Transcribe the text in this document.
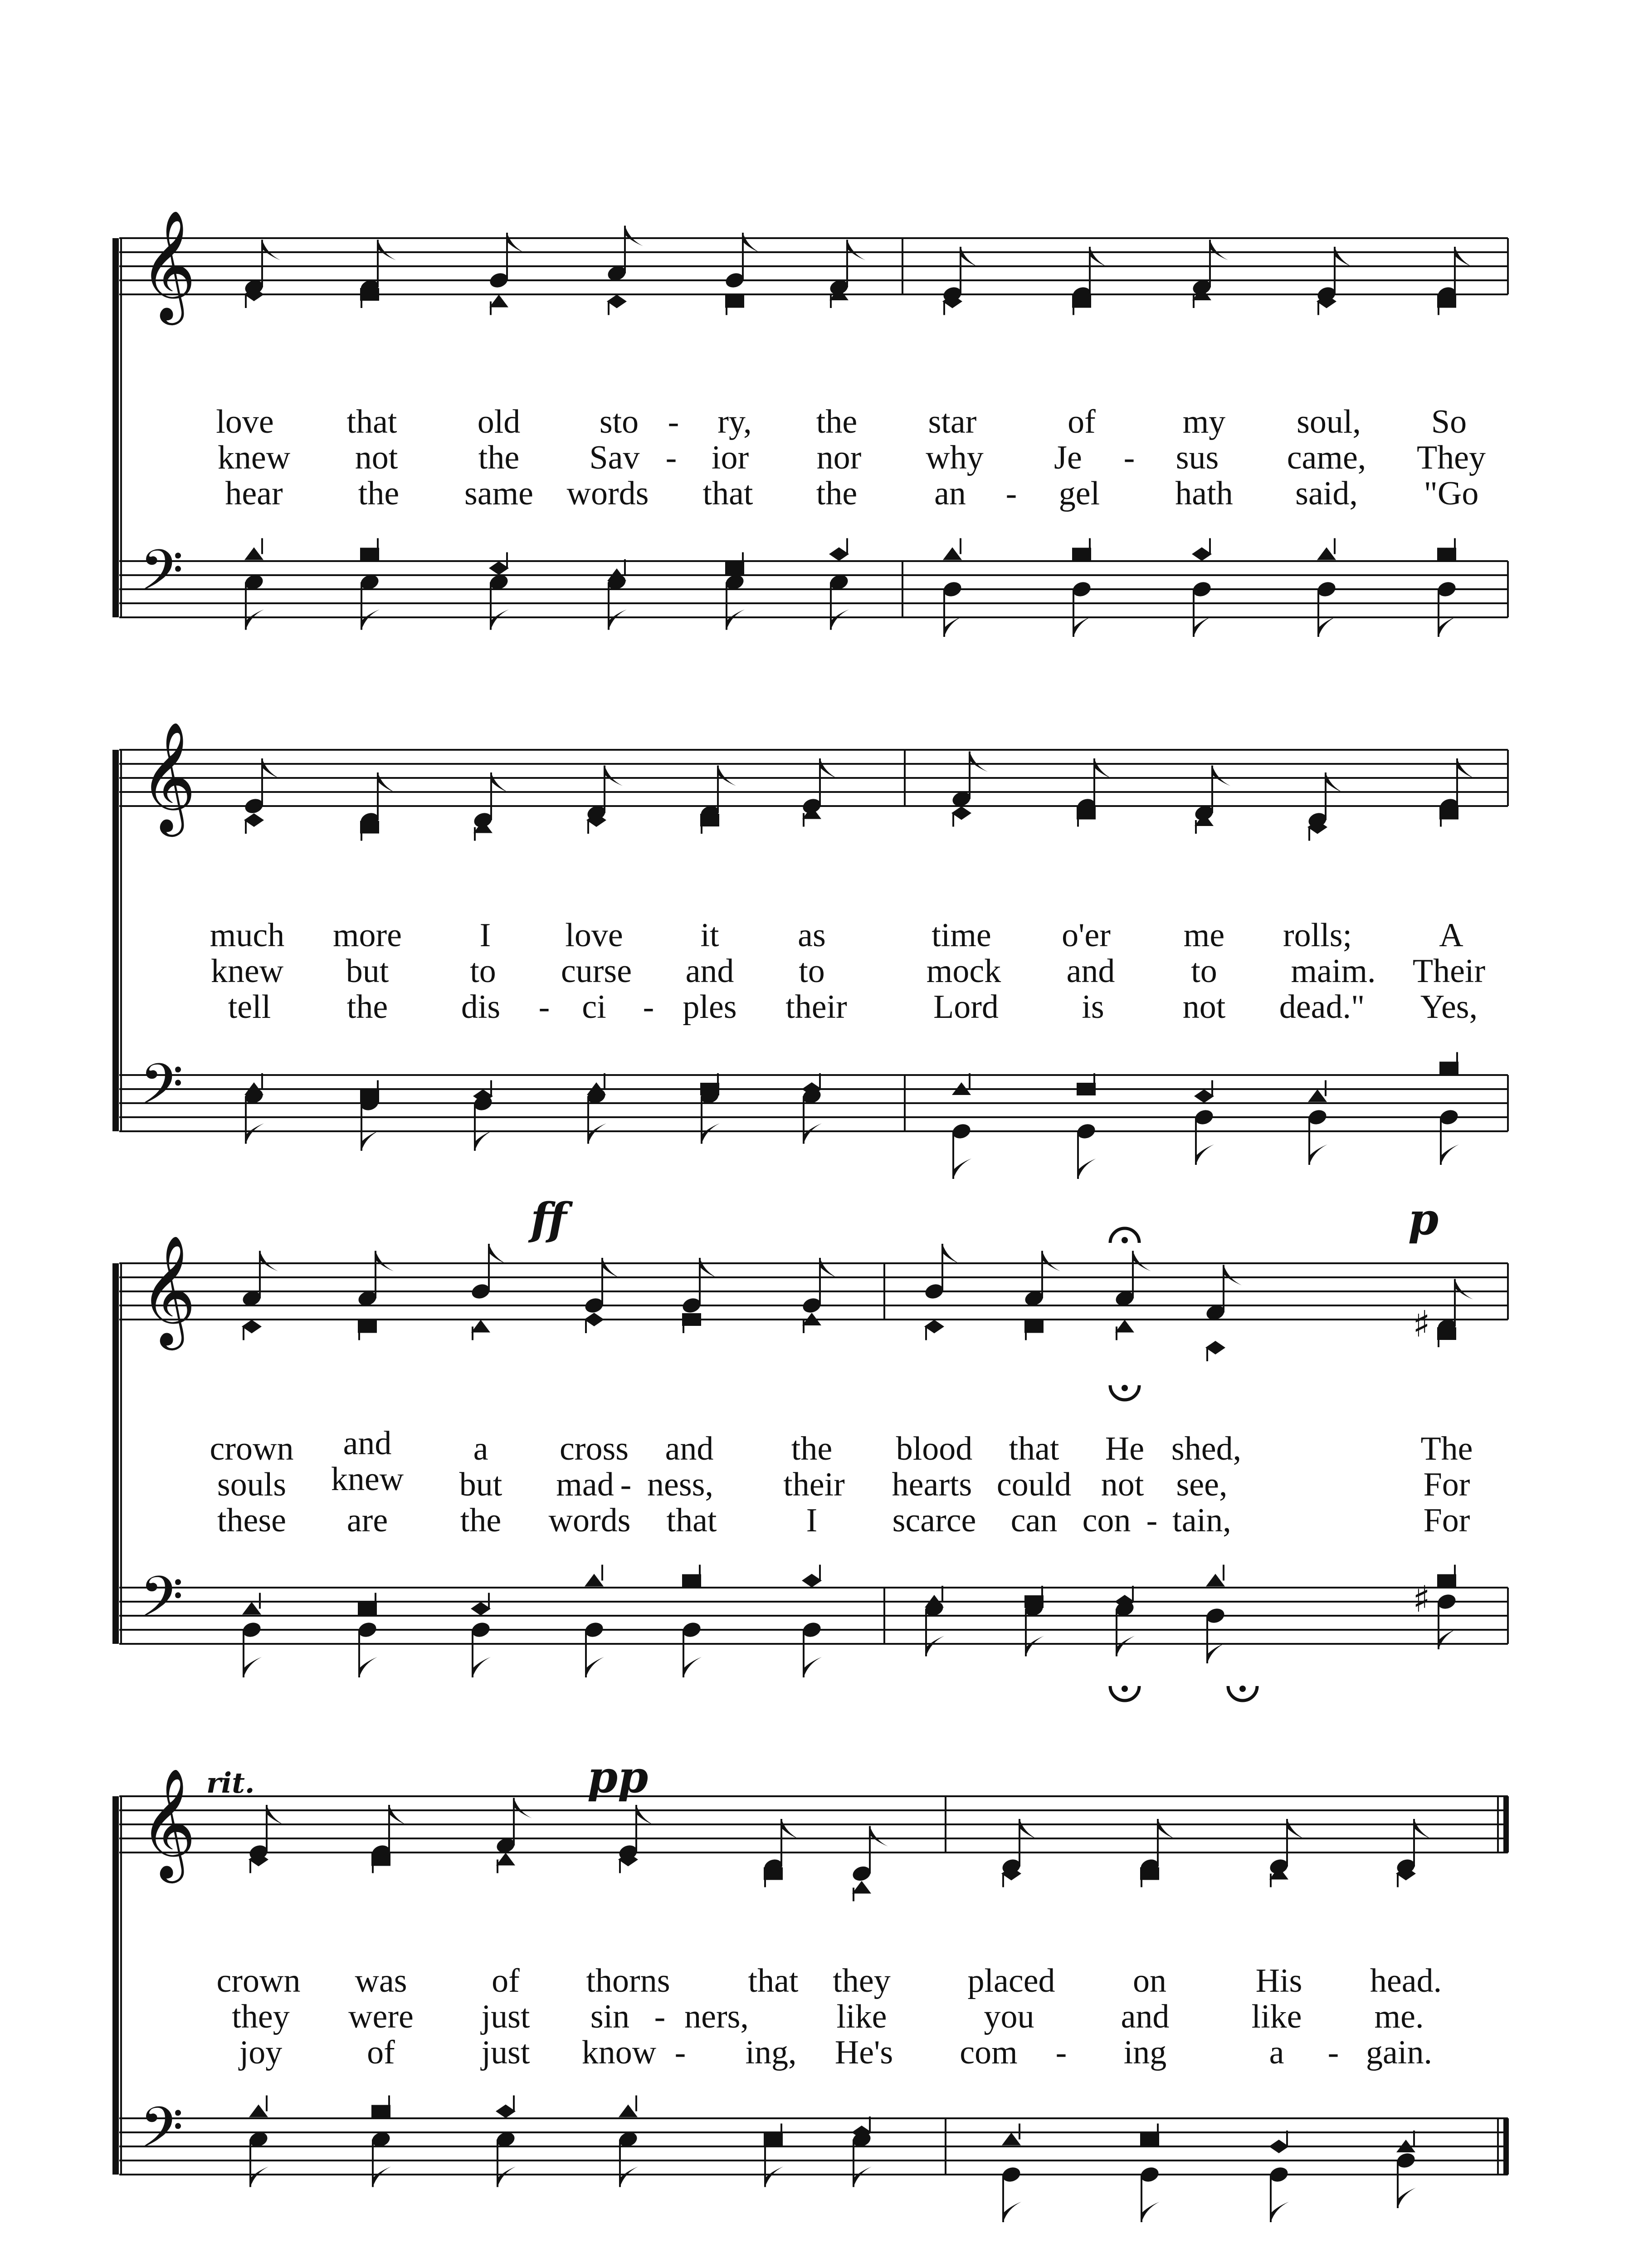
𝄞
𝄢
𝄞
𝄢
𝄞
𝄢
𝄞
𝄢
♯
♯
love that old sto - ry, the star	of	my soul, So
knew not the Sav - ior nor why Je - sus came, They
hear the same words that the an - gel hath said, "Go
much more I love it as	time o'er me rolls;	A
knew but to curse and to	mock and to maim. Their
tell the dis - ci - ples their	Lord is not dead." Yes,
crown and a cross and the blood that He shed,	The
souls knew but mad - ness, their hearts could not see,	For
these are the words that	I scarce can con - tain,	For
crown was	of thorns that they placed on	His head.
they were just sin - ners,	like	you	and like me.
joy	of	just know - ing, He's com - ing	a - gain.
ff	p
pp
rit.
